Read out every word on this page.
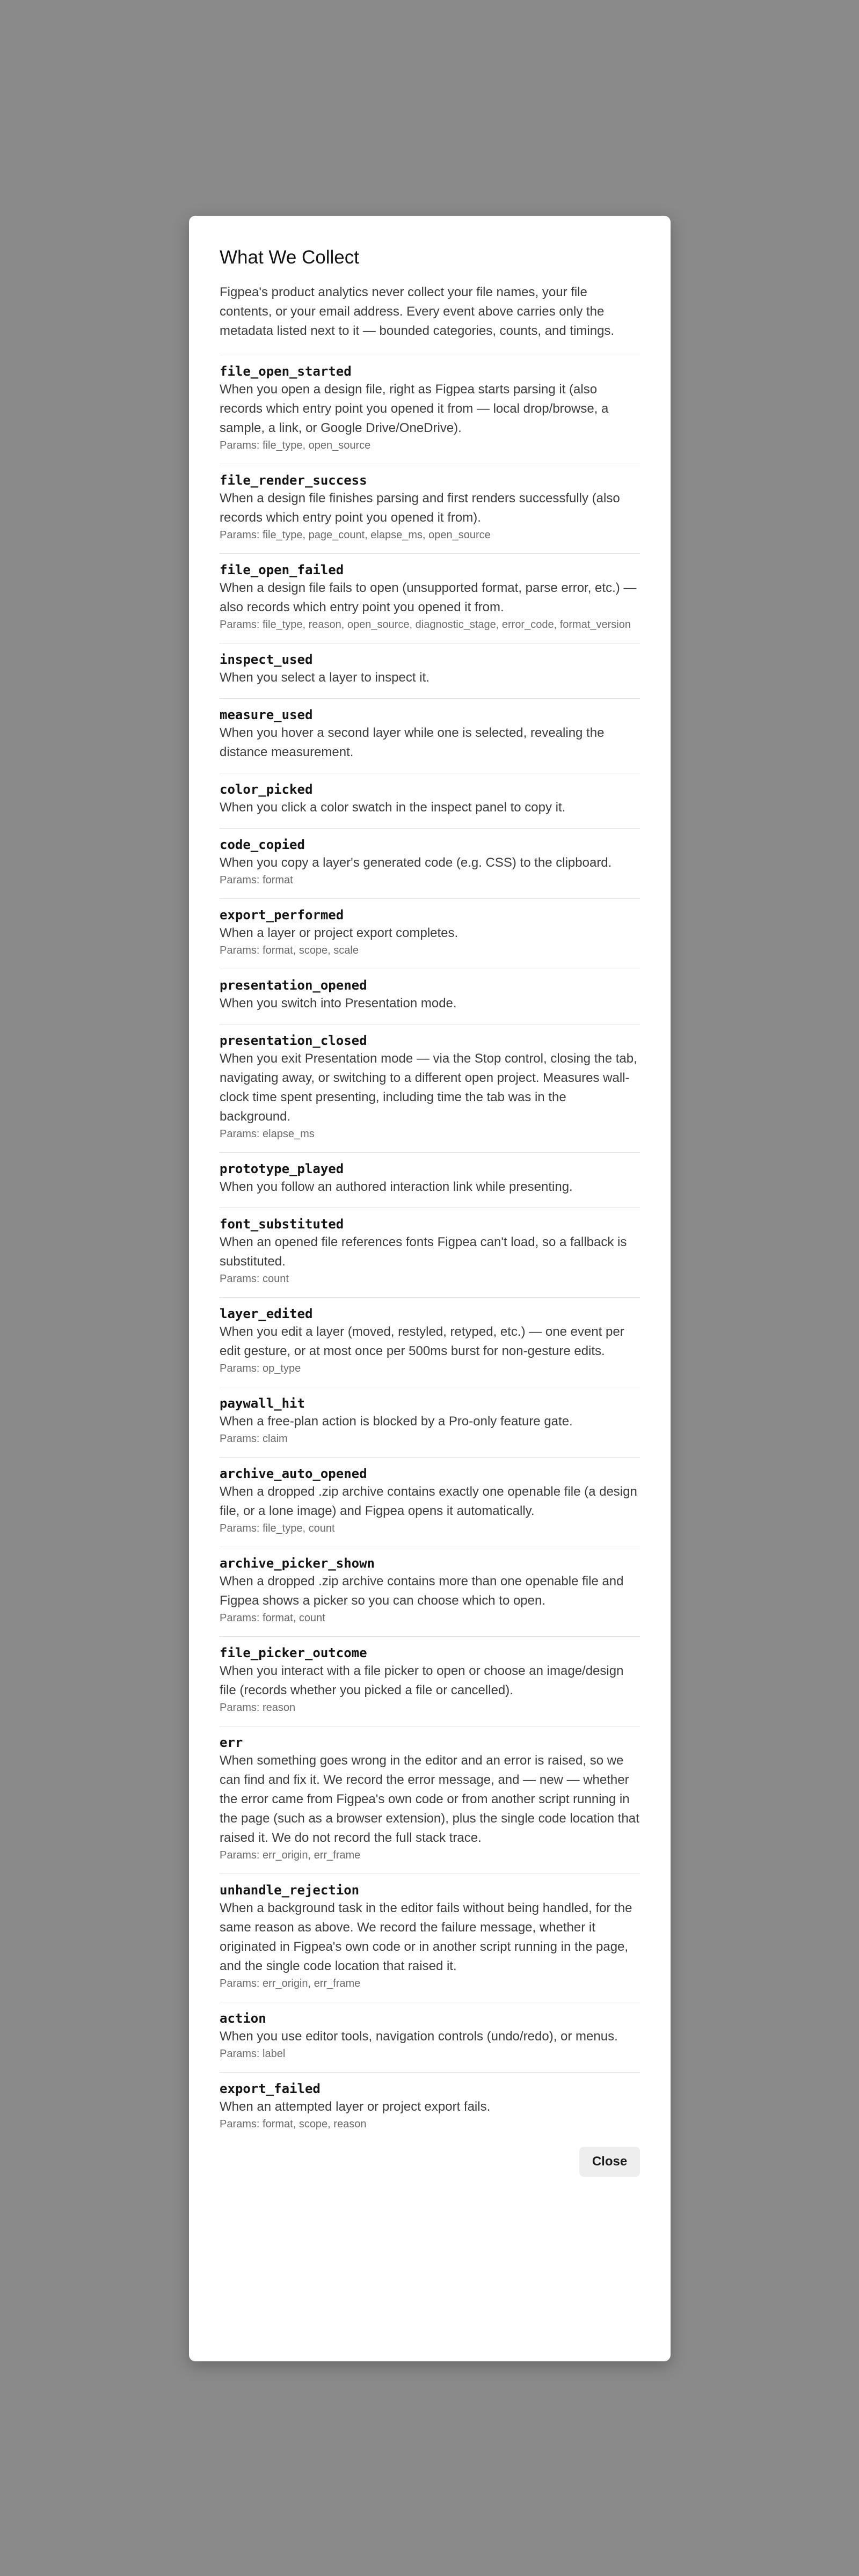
What We Collect

Figpea's product analytics never collect your file names, your file contents, or your email address. Every event above carries only the metadata listed next to it — bounded categories, counts, and timings.

file_open_started
When you open a design file, right as Figpea starts parsing it (also records which entry point you opened it from — local drop/browse, a sample, a link, or Google Drive/OneDrive).
Params: file_type, open_source
file_render_success
When a design file finishes parsing and first renders successfully (also records which entry point you opened it from).
Params: file_type, page_count, elapse_ms, open_source
file_open_failed
When a design file fails to open (unsupported format, parse error, etc.) — also records which entry point you opened it from.
Params: file_type, reason, open_source, diagnostic_stage, error_code, format_version
inspect_used
When you select a layer to inspect it.
measure_used
When you hover a second layer while one is selected, revealing the distance measurement.
color_picked
When you click a color swatch in the inspect panel to copy it.
code_copied
When you copy a layer's generated code (e.g. CSS) to the clipboard.
Params: format
export_performed
When a layer or project export completes.
Params: format, scope, scale
presentation_opened
When you switch into Presentation mode.
presentation_closed
When you exit Presentation mode — via the Stop control, closing the tab, navigating away, or switching to a different open project. Measures wall-clock time spent presenting, including time the tab was in the background.
Params: elapse_ms
prototype_played
When you follow an authored interaction link while presenting.
font_substituted
When an opened file references fonts Figpea can't load, so a fallback is substituted.
Params: count
layer_edited
When you edit a layer (moved, restyled, retyped, etc.) — one event per edit gesture, or at most once per 500ms burst for non-gesture edits.
Params: op_type
paywall_hit
When a free-plan action is blocked by a Pro-only feature gate.
Params: claim
archive_auto_opened
When a dropped .zip archive contains exactly one openable file (a design file, or a lone image) and Figpea opens it automatically.
Params: file_type, count
archive_picker_shown
When a dropped .zip archive contains more than one openable file and Figpea shows a picker so you can choose which to open.
Params: format, count
file_picker_outcome
When you interact with a file picker to open or choose an image/design file (records whether you picked a file or cancelled).
Params: reason
err
When something goes wrong in the editor and an error is raised, so we can find and fix it. We record the error message, and — new — whether the error came from Figpea's own code or from another script running in the page (such as a browser extension), plus the single code location that raised it. We do not record the full stack trace.
Params: err_origin, err_frame
unhandle_rejection
When a background task in the editor fails without being handled, for the same reason as above. We record the failure message, whether it originated in Figpea's own code or in another script running in the page, and the single code location that raised it.
Params: err_origin, err_frame
action
When you use editor tools, navigation controls (undo/redo), or menus.
Params: label
export_failed
When an attempted layer or project export fails.
Params: format, scope, reason
Close
